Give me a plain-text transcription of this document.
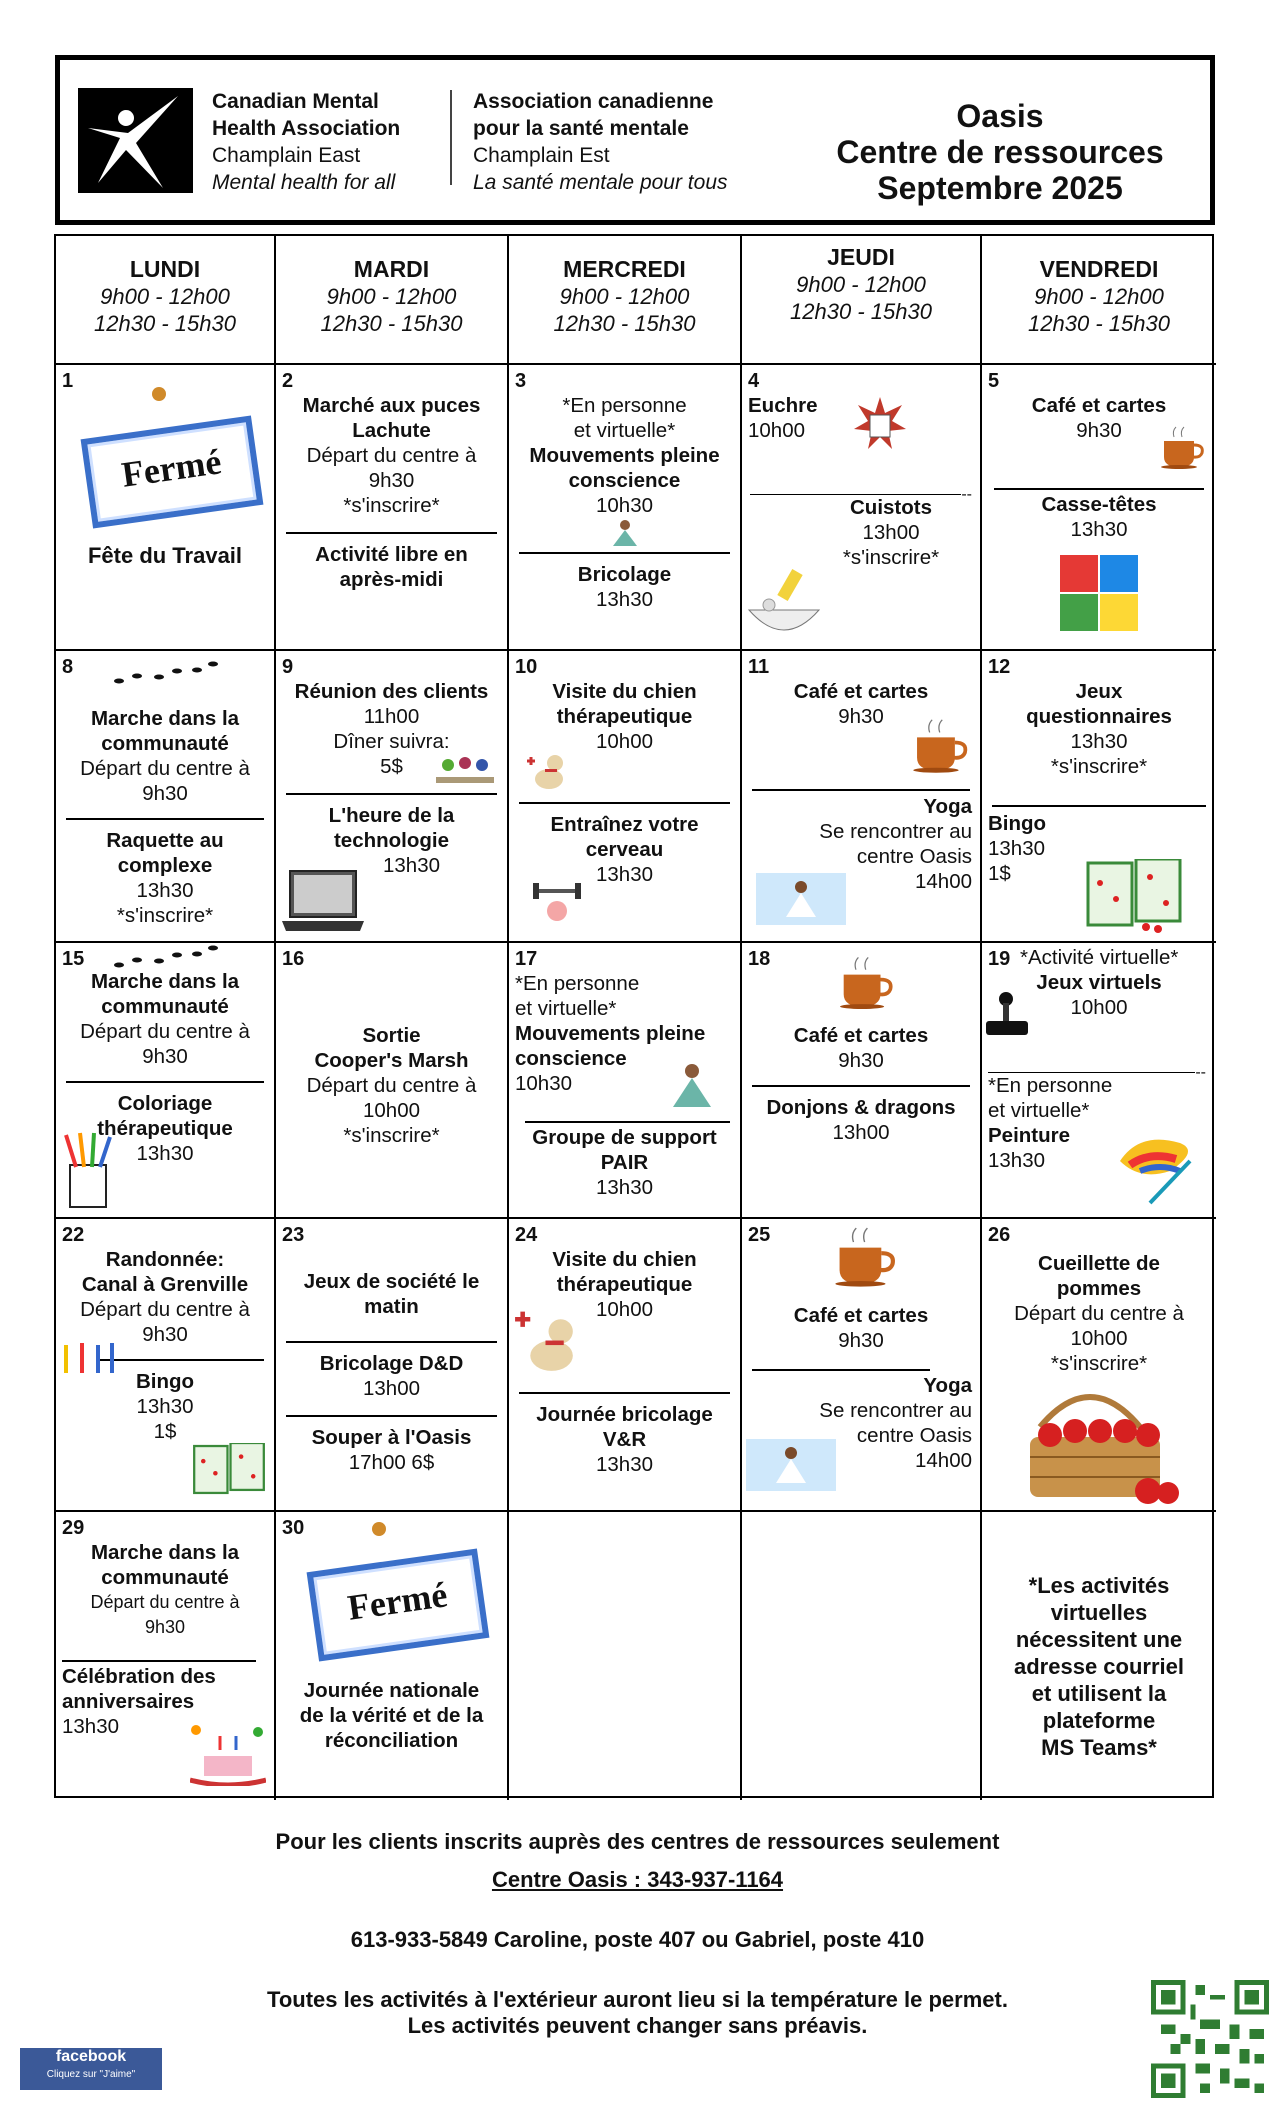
Canadian Mental
Health Association
Champlain East
Mental health for all
Association canadienne
pour la santé mentale
Champlain Est
La santé mentale pour tous
Oasis
Centre de ressources
Septembre 2025
LUNDI
9h00 - 12h00
12h30 - 15h30
MARDI
9h00 - 12h00
12h30 - 15h30
MERCREDI
9h00 - 12h00
12h30 - 15h30
JEUDI
9h00 - 12h00
12h30 - 15h30
VENDREDI
9h00 - 12h00
12h30 - 15h30
1
Fermé
Fête du Travail
2
Marché aux puces
Lachute
Départ du centre à
9h30
*s'inscrire*
Activité libre en
après-midi
3
*En personne
et virtuelle*
Mouvements pleine
conscience
10h30
Bricolage
13h30
4
Euchre
10h00
--
Cuistots
13h00
*s'inscrire*
5
Café et cartes
9h30
Casse-têtes
13h30
8
Marche dans la
communauté
Départ du centre à
9h30
Raquette au
complexe
13h30
*s'inscrire*
9
Réunion des clients
11h00
Dîner suivra:
5$
L'heure de la
technologie
13h30
10
Visite du chien
thérapeutique
10h00
Entraînez votre
cerveau
13h30
11
Café et cartes
9h30
Yoga
Se rencontrer au
centre Oasis
14h00
12
Jeux
questionnaires
13h30
*s'inscrire*
Bingo
13h30
1$
15
Marche dans la
communauté
Départ du centre à
9h30
Coloriage
thérapeutique
13h30
16
Sortie
Cooper's Marsh
Départ du centre à
10h00
*s'inscrire*
17
*En personne
et virtuelle*
Mouvements pleine
conscience
10h30
Groupe de support
PAIR
13h30
18
Café et cartes
9h30
Donjons & dragons
13h00
19 *Activité virtuelle*
Jeux virtuels
10h00
--
*En personne
et virtuelle*
Peinture
13h30
22
Randonnée:
Canal à Grenville
Départ du centre à
9h30
Bingo
13h30
1$
23
Jeux de société le
matin
Bricolage D&D
13h00
Souper à l'Oasis
17h00 6$
24
Visite du chien
thérapeutique
10h00
Journée bricolage
V&R
13h30
25
Café et cartes
9h30
Yoga
Se rencontrer au
centre Oasis
14h00
26
Cueillette de
pommes
Départ du centre à
10h00
*s'inscrire*
29
Marche dans la
communauté
Départ du centre à
9h30
Célébration des
anniversaires
13h30
30
Fermé
Journée nationale
de la vérité et de la
réconciliation
*Les activités
virtuelles
nécessitent une
adresse courriel
et utilisent la
plateforme
MS Teams*
Pour les clients inscrits auprès des centres de ressources seulement
Centre Oasis : 343-937-1164
613-933-5849 Caroline, poste 407 ou Gabriel, poste 410
Toutes les activités à l'extérieur auront lieu si la température le permet.
Les activités peuvent changer sans préavis.
facebook
Cliquez sur "J'aime"
